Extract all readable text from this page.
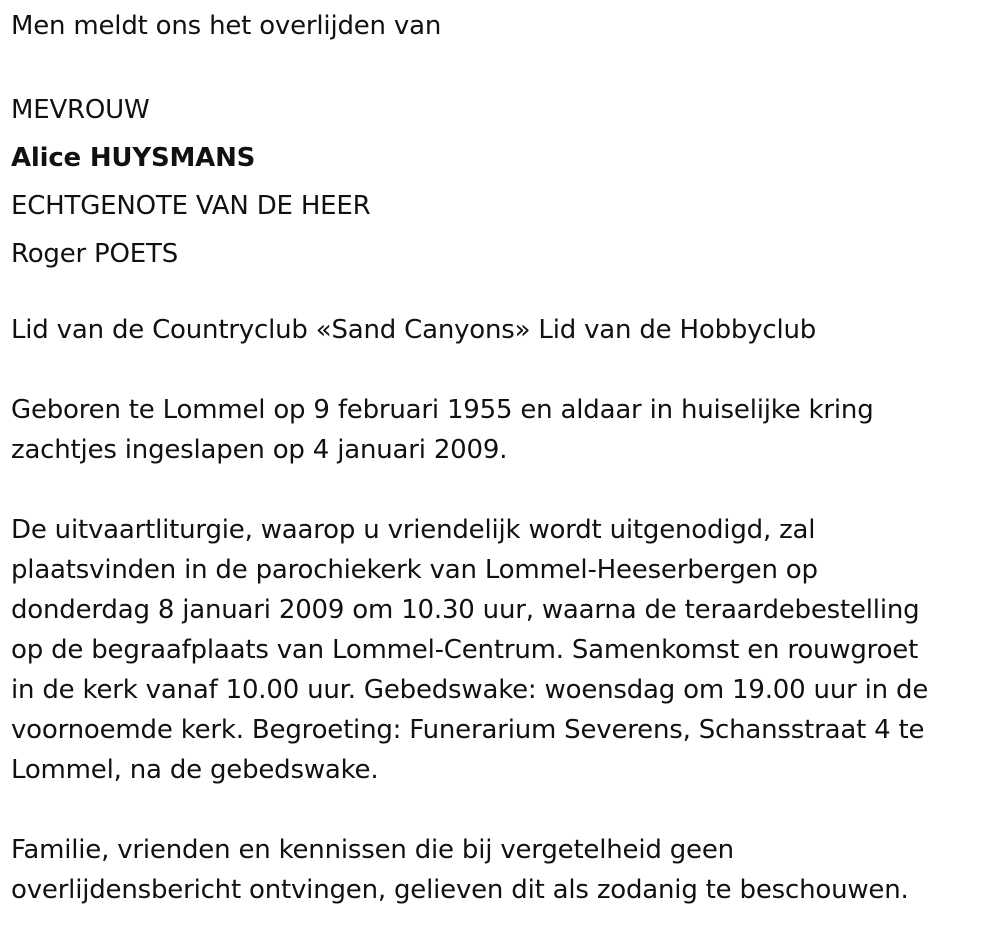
Men meldt ons het overlijden van
MEVROUW
Alice HUYSMANS
ECHTGENOTE VAN DE HEER
Roger POETS
Lid van de Countryclub «Sand Canyons» Lid van de Hobbyclub
Geboren te Lommel op 9 februari 1955 en aldaar in huiselijke kring
zachtjes ingeslapen op 4 januari 2009.
De uitvaartliturgie, waarop u vriendelijk wordt uitgenodigd, zal
plaatsvinden in de parochiekerk van Lommel-Heeserbergen op
donderdag 8 januari 2009 om 10.30 uur, waarna de teraardebestelling
op de begraafplaats van Lommel-Centrum. Samenkomst en rouwgroet
in de kerk vanaf 10.00 uur. Gebedswake: woensdag om 19.00 uur in de
voornoemde kerk. Begroeting: Funerarium Severens, Schansstraat 4 te
Lommel, na de gebedswake.
Familie, vrienden en kennissen die bij vergetelheid geen
overlijdensbericht ontvingen, gelieven dit als zodanig te beschouwen.
